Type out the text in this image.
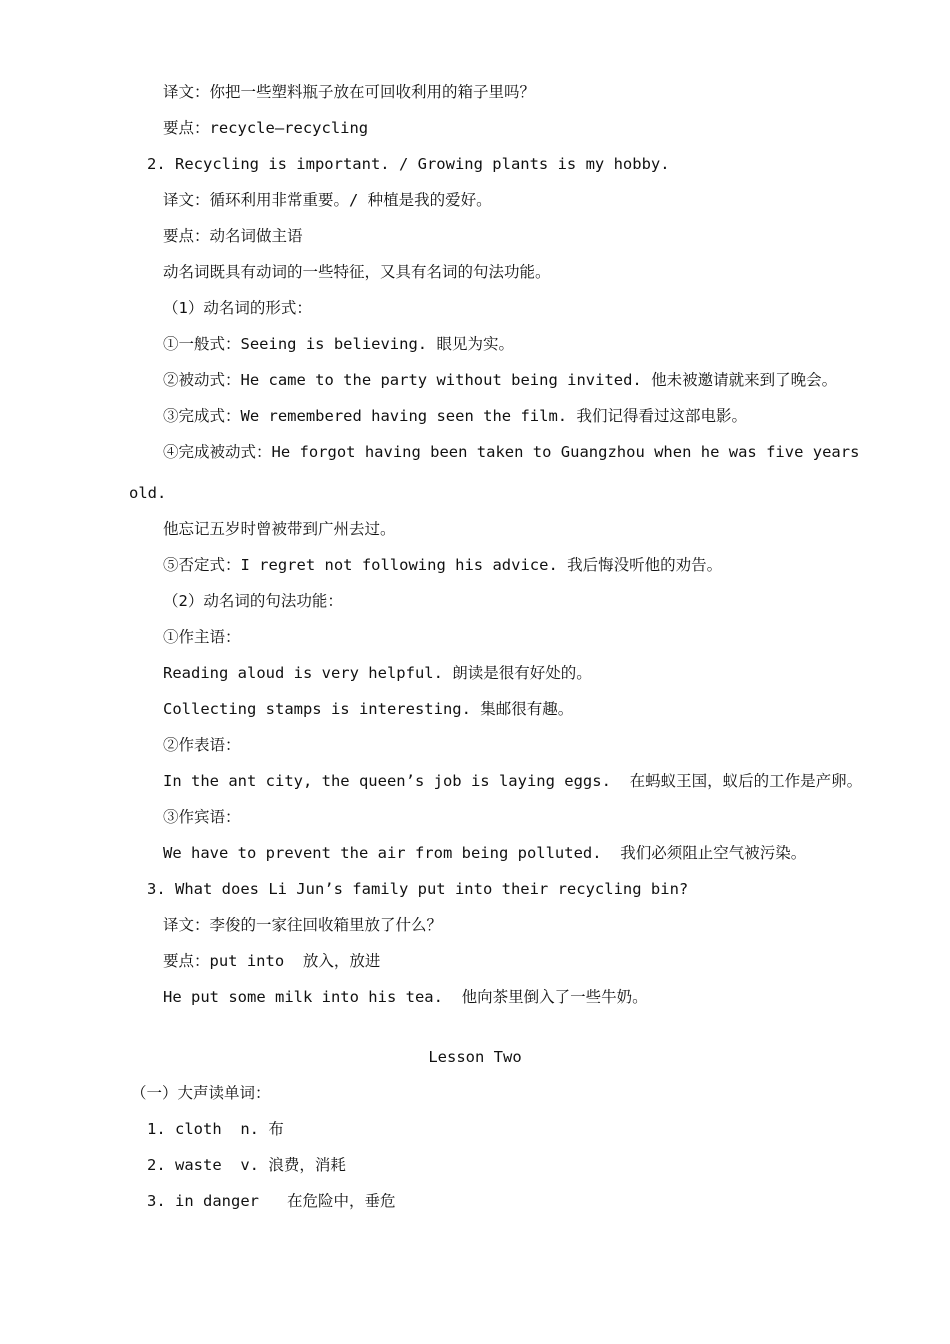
译文：你把一些塑料瓶子放在可回收利用的箱子里吗？
要点：recycle—recycling
2. Recycling is important. / Growing plants is my hobby.
译文：循环利用非常重要。/ 种植是我的爱好。
要点：动名词做主语
动名词既具有动词的一些特征，又具有名词的句法功能。
（1）动名词的形式：
①一般式：Seeing is believing. 眼见为实。
②被动式：He came to the party without being invited. 他未被邀请就来到了晚会。
③完成式：We remembered having seen the film. 我们记得看过这部电影。
④完成被动式：He forgot having been taken to Guangzhou when he was five years
old.
他忘记五岁时曾被带到广州去过。
⑤否定式：I regret not following his advice. 我后悔没听他的劝告。
（2）动名词的句法功能：
①作主语：
Reading aloud is very helpful. 朗读是很有好处的。
Collecting stamps is interesting. 集邮很有趣。
②作表语：
In the ant city, the queen’s job is laying eggs.  在蚂蚁王国，蚁后的工作是产卵。
③作宾语：
We have to prevent the air from being polluted.  我们必须阻止空气被污染。
3. What does Li Jun’s family put into their recycling bin?
译文：李俊的一家往回收箱里放了什么？
要点：put into  放入，放进
He put some milk into his tea.  他向茶里倒入了一些牛奶。
Lesson Two
（一）大声读单词：
1. cloth  n. 布
2. waste  v. 浪费，消耗
3. in danger   在危险中，垂危
